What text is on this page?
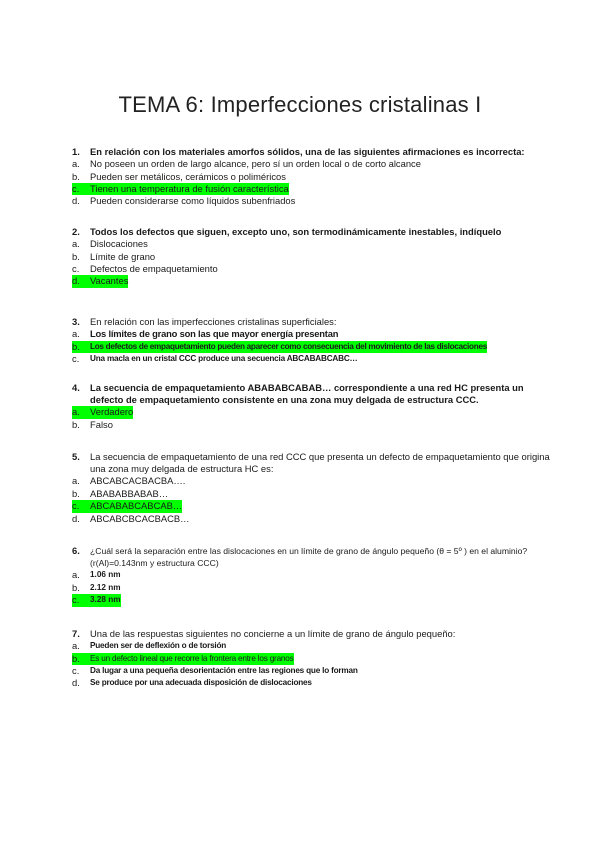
TEMA 6: Imperfecciones cristalinas I
1.	En relación con los materiales amorfos sólidos, una de las siguientes afirmaciones es incorrecta:
a.	No poseen un orden de largo alcance, pero sí un orden local o de corto alcance
b.	Pueden ser metálicos, cerámicos o poliméricos
c.	Tienen una temperatura de fusión característica
d.	Pueden considerarse como líquidos subenfriados
2.	Todos los defectos que siguen, excepto uno, son termodinámicamente inestables, indíquelo
a.	Dislocaciones
b.	Límite de grano
c.	Defectos de empaquetamiento
d.	Vacantes
3.	En relación con las imperfecciones cristalinas superficiales:
a.	Los límites de grano son las que mayor energía presentan
b.	Los defectos de empaquetamiento pueden aparecer como consecuencia del movimiento de las dislocaciones
c.	Una macla en un cristal CCC produce una secuencia ABCABABCABC…
4.	La secuencia de empaquetamiento ABABABCABAB… correspondiente a una red HC presenta un defecto de empaquetamiento consistente en una zona muy delgada de estructura CCC.
a.	Verdadero
b.	Falso
5.	La secuencia de empaquetamiento de una red CCC que presenta un defecto de empaquetamiento que origina una zona muy delgada de estructura HC es:
a.	ABCABCACBACBA….
b.	ABABABBABAB…
c.	ABCABABCABCAB…
d.	ABCABCBCACBACB…
6.	¿Cuál será la separación entre las dislocaciones en un límite de grano de ángulo pequeño (θ = 5º ) en el aluminio? (r(Al)=0.143nm y estructura CCC)
a.	1.06 nm
b.	2.12 nm
c.	3.28 nm
7.	Una de las respuestas siguientes no concierne a un límite de grano de ángulo pequeño:
a.	Pueden ser de deflexión o de torsión
b.	Es un defecto lineal que recorre la frontera entre los granos
c.	Da lugar a una pequeña desorientación entre las regiones que lo forman
d.	Se produce por una adecuada disposición de dislocaciones
